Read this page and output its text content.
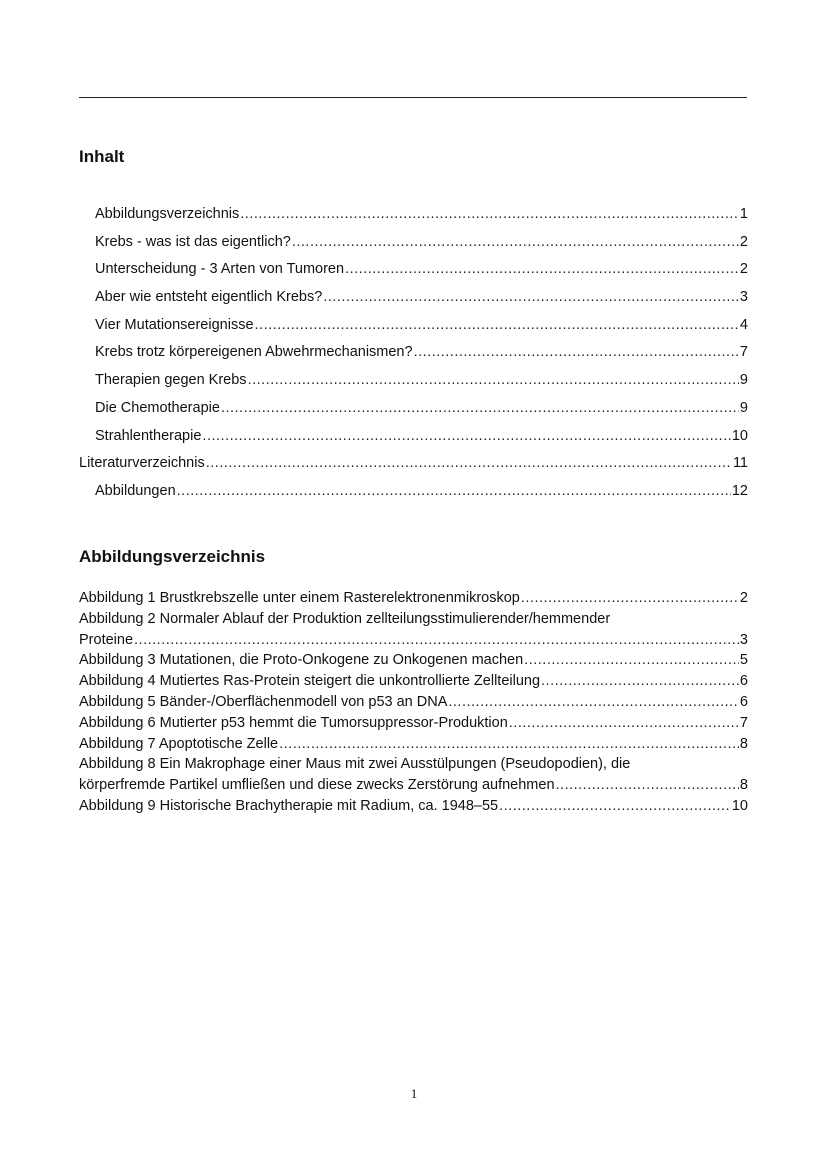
Inhalt
Abbildungsverzeichnis .....	1
Krebs - was ist das eigentlich? .....	2
Unterscheidung - 3 Arten von Tumoren .....	2
Aber wie entsteht eigentlich Krebs? .....	3
Vier Mutationsereignisse .....	4
Krebs trotz körpereigenen Abwehrmechanismen? .....	7
Therapien gegen Krebs .....	9
Die Chemotherapie .....	9
Strahlentherapie .....	10
Literaturverzeichnis .....	11
Abbildungen .....	12
Abbildungsverzeichnis
Abbildung 1 Brustkrebszelle unter einem Rasterelektronenmikroskop .....	2
Abbildung 2 Normaler Ablauf der Produktion zellteilungsstimulierender/hemmender
Proteine .....	3
Abbildung 3 Mutationen, die Proto-Onkogene zu Onkogenen machen .....	5
Abbildung 4 Mutiertes Ras-Protein steigert die unkontrollierte Zellteilung .....	6
Abbildung 5 Bänder-/Oberflächenmodell von p53 an DNA .....	6
Abbildung 6 Mutierter p53 hemmt die Tumorsuppressor-Produktion .....	7
Abbildung 7 Apoptotische Zelle .....	8
Abbildung 8 Ein Makrophage einer Maus mit zwei Ausstülpungen (Pseudopodien), die
körperfremde Partikel umfließen und diese zwecks Zerstörung aufnehmen .....	8
Abbildung 9 Historische Brachytherapie mit Radium, ca. 1948–55 .....	10
1
